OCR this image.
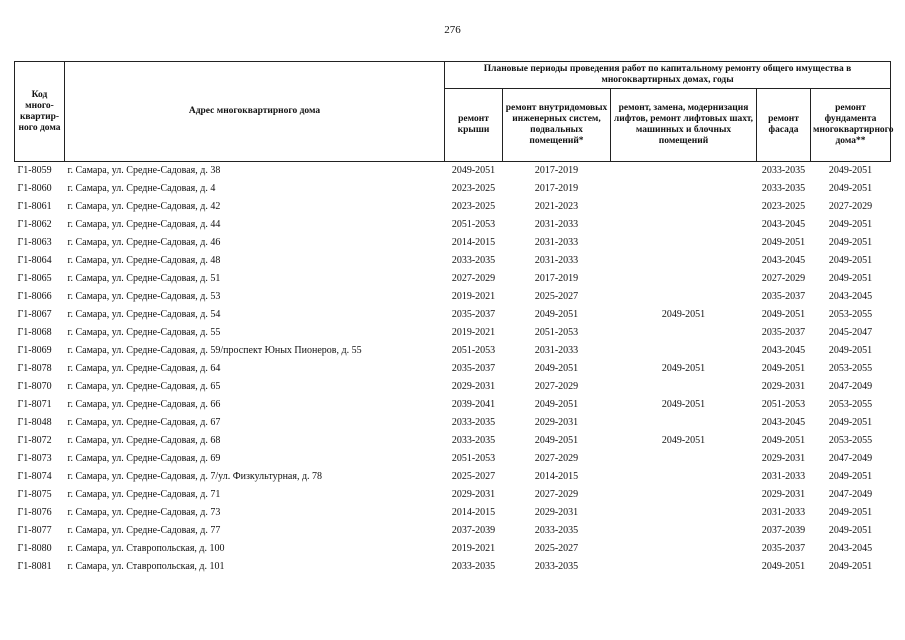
276
Код много-квартир-ного дома	Адрес многоквартирного дома	Плановые периоды проведения работ по капитальному ремонту общего имущества в многоквартирных домах, годы				
		ремонт крыши	ремонт внутридомовых инженерных систем, подвальных помещений*	ремонт, замена, модернизация лифтов, ремонт лифтовых шахт, машинных и блочных помещений	ремонт фасада	ремонт фундамента многоквартирного дома**
Г1-8059	г. Самара, ул. Средне-Садовая, д. 38	2049-2051	2017-2019		2033-2035	2049-2051
Г1-8060	г. Самара, ул. Средне-Садовая, д. 4	2023-2025	2017-2019		2033-2035	2049-2051
Г1-8061	г. Самара, ул. Средне-Садовая, д. 42	2023-2025	2021-2023		2023-2025	2027-2029
Г1-8062	г. Самара, ул. Средне-Садовая, д. 44	2051-2053	2031-2033		2043-2045	2049-2051
Г1-8063	г. Самара, ул. Средне-Садовая, д. 46	2014-2015	2031-2033		2049-2051	2049-2051
Г1-8064	г. Самара, ул. Средне-Садовая, д. 48	2033-2035	2031-2033		2043-2045	2049-2051
Г1-8065	г. Самара, ул. Средне-Садовая, д. 51	2027-2029	2017-2019		2027-2029	2049-2051
Г1-8066	г. Самара, ул. Средне-Садовая, д. 53	2019-2021	2025-2027		2035-2037	2043-2045
Г1-8067	г. Самара, ул. Средне-Садовая, д. 54	2035-2037	2049-2051	2049-2051	2049-2051	2053-2055
Г1-8068	г. Самара, ул. Средне-Садовая, д. 55	2019-2021	2051-2053		2035-2037	2045-2047
Г1-8069	г. Самара, ул. Средне-Садовая, д. 59/проспект Юных Пионеров, д. 55	2051-2053	2031-2033		2043-2045	2049-2051
Г1-8078	г. Самара, ул. Средне-Садовая, д. 64	2035-2037	2049-2051	2049-2051	2049-2051	2053-2055
Г1-8070	г. Самара, ул. Средне-Садовая, д. 65	2029-2031	2027-2029		2029-2031	2047-2049
Г1-8071	г. Самара, ул. Средне-Садовая, д. 66	2039-2041	2049-2051	2049-2051	2051-2053	2053-2055
Г1-8048	г. Самара, ул. Средне-Садовая, д. 67	2033-2035	2029-2031		2043-2045	2049-2051
Г1-8072	г. Самара, ул. Средне-Садовая, д. 68	2033-2035	2049-2051	2049-2051	2049-2051	2053-2055
Г1-8073	г. Самара, ул. Средне-Садовая, д. 69	2051-2053	2027-2029		2029-2031	2047-2049
Г1-8074	г. Самара, ул. Средне-Садовая, д. 7/ул. Физкультурная, д. 78	2025-2027	2014-2015		2031-2033	2049-2051
Г1-8075	г. Самара, ул. Средне-Садовая, д. 71	2029-2031	2027-2029		2029-2031	2047-2049
Г1-8076	г. Самара, ул. Средне-Садовая, д. 73	2014-2015	2029-2031		2031-2033	2049-2051
Г1-8077	г. Самара, ул. Средне-Садовая, д. 77	2037-2039	2033-2035		2037-2039	2049-2051
Г1-8080	г. Самара, ул. Ставропольская, д. 100	2019-2021	2025-2027		2035-2037	2043-2045
Г1-8081	г. Самара, ул. Ставропольская, д. 101	2033-2035	2033-2035		2049-2051	2049-2051
